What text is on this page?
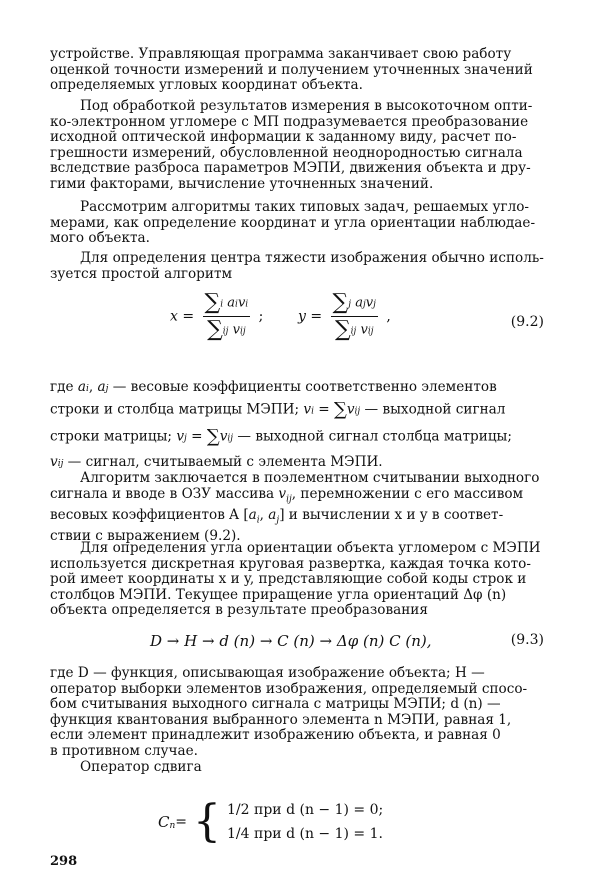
устройстве. Управляющая программа заканчивает свою работу
оценкой точности измерений и получением уточненных значений
определяемых угловых координат объекта.
Под обработкой результатов измерения в высокоточном опти-
ко-электронном угломере с МП подразумевается преобразование
исходной оптической информации к заданному виду, расчет по-
грешности измерений, обусловленной неоднородностью сигнала
вследствие разброса параметров МЭПИ, движения объекта и дру-
гими факторами, вычисление уточненных значений.
Рассмотрим алгоритмы таких типовых задач, решаемых угло-
мерами, как определение координат и угла ориентации наблюдае-
мого объекта.
Для определения центра тяжести изображения обычно исполь-
зуется простой алгоритм
$x = \frac{\text{∑i aivi}}{\text{∑ij vij}}$ ; $y = \frac{\text{∑j ajvj}}{\text{∑ij vij}}$ ,	(9.2)
где ai, aj — весовые коэффициенты соответственно элементов
строки и столбца матрицы МЭПИ; vi = ∑vij — выходной сигнал
строки матрицы; vj = ∑vij — выходной сигнал столбца матрицы;
vij — сигнал, считываемый с элемента МЭПИ.
Алгоритм заключается в поэлементном считывании выходного
сигнала и вводе в ОЗУ массива $v_{ij}$, перемножении с его массивом
весовых коэффициентов A [$a_i$, $a_j$] и вычислении x и y в соответ-
ствии с выражением (9.2).
Для определения угла ориентации объекта угломером с МЭПИ
используется дискретная круговая развертка, каждая точка кото-
рой имеет координаты x и y, представляющие собой коды строк и
столбцов МЭПИ. Текущее приращение угла ориентаций Δφ (n)
объекта определяется в результате преобразования
D → H → d (n) → C (n) → Δφ (n) C (n),	(9.3)
где D — функция, описывающая изображение объекта; H —
оператор выборки элементов изображения, определяемый спосо-
бом считывания выходного сигнала с матрицы МЭПИ; d (n) —
функция квантования выбранного элемента n МЭПИ, равная 1,
если элемент принадлежит изображению объекта, и равная 0
в противном случае.
Оператор сдвига
C n = { 1/2 при d (n − 1) = 0;
1/4 при d (n − 1) = 1.
298
